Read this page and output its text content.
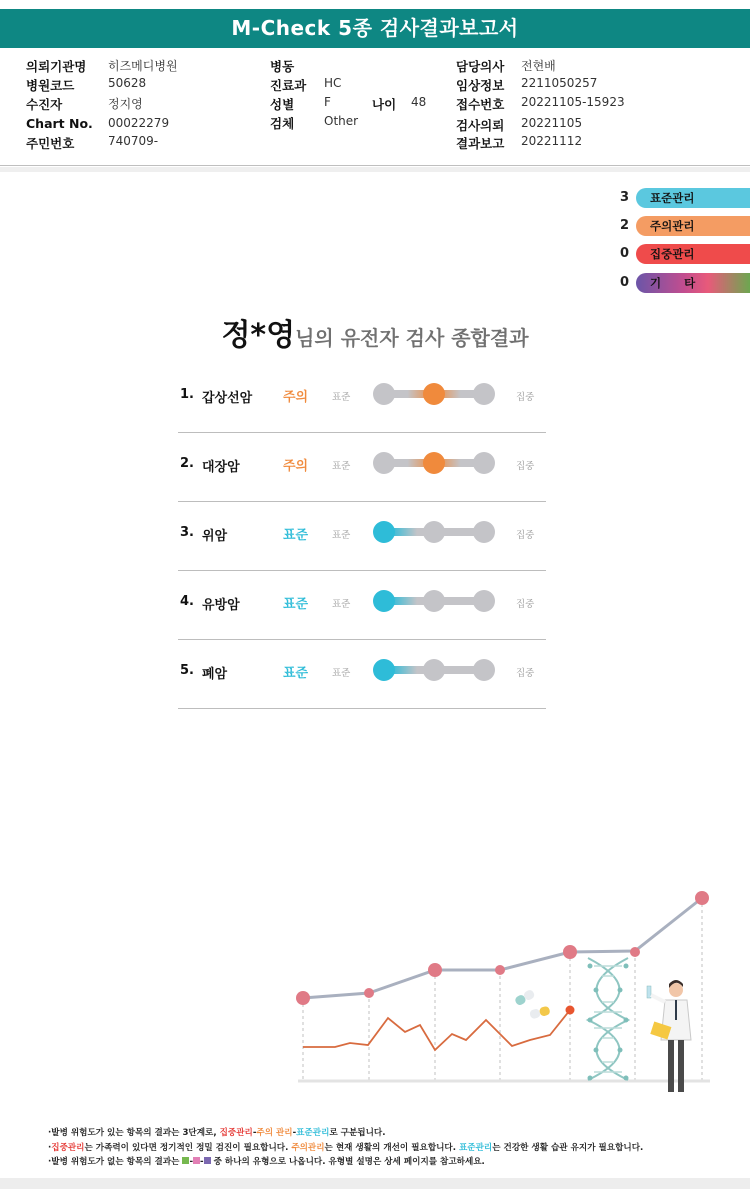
M-Check 5종 검사결과보고서
의뢰기관명 히즈메디병원
병원코드	50628
수진자	정지영
Chart No. 00022279
주민번호	740709-
병동
진료과 HC
성별 F	나이 48
검체 Other
담당의사 전현배
임상정보 2211050257
접수번호 20221105-15923
검사의뢰 20221105
결과보고 20221112
3	표준관리
2	주의관리
0	집중관리
0	기　　타
정*영님의 유전자 검사 종합결과
1. 갑상선암 주의	표준	집중
2. 대장암	주의	표준	집중
3. 위암	표준	표준	집중
4. 유방암	표준	표준	집중
5. 폐암	표준	표준	집중
·발병 위험도가 있는 항목의 결과는 3단계로, 집중관리-주의 관리-표준관리로 구분됩니다.
·집중관리는 가족력이 있다면 정기적인 정밀 검진이 필요합니다. 주의관리는 현재 생활의 개선이 필요합니다. 표준관리는 건강한 생활 습관 유지가 필요합니다.
·발병 위험도가 없는 항목의 결과는 - - 중 하나의 유형으로 나옵니다. 유형별 설명은 상세 페이지를 참고하세요.
